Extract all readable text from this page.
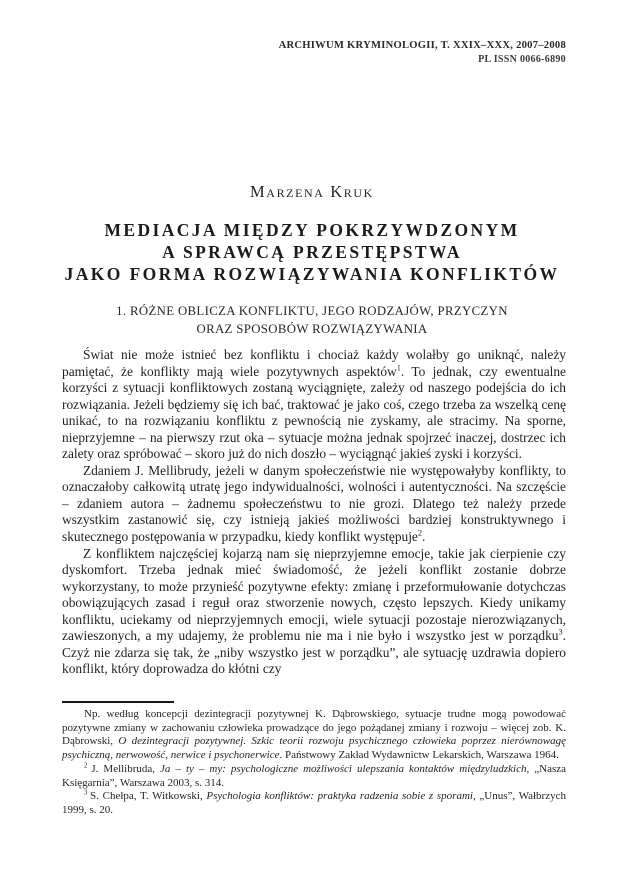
ARCHIWUM KRYMINOLOGII, T. XXIX–XXX, 2007–2008
PL ISSN 0066-6890
Marzena Kruk
MEDIACJA MIĘDZY POKRZYWDZONYM
A SPRAWCĄ PRZESTĘPSTWA
JAKO FORMA ROZWIĄZYWANIA KONFLIKTÓW
1. RÓŻNE OBLICZA KONFLIKTU, JEGO RODZAJÓW, PRZYCZYN
ORAZ SPOSOBÓW ROZWIĄZYWANIA

Świat nie może istnieć bez konfliktu i chociaż każdy wolałby go uniknąć, należy pamiętać, że konflikty mają wiele pozytywnych aspektów$^1$. To jednak, czy ewentualne korzyści z sytuacji konfliktowych zostaną wyciągnięte, zależy od naszego podejścia do ich rozwiązania. Jeżeli będziemy się ich bać, traktować je jako coś, czego trzeba za wszelką cenę unikać, to na rozwiązaniu konfliktu z pewnością nie zyskamy, ale stracimy. Na sporne, nieprzyjemne – na pierwszy rzut oka – sytuacje można jednak spojrzeć inaczej, dostrzec ich zalety oraz spróbować – skoro już do nich doszło – wyciągnąć jakieś zyski i korzyści.

Zdaniem J. Mellibrudy, jeżeli w danym społeczeństwie nie występowałyby konflikty, to oznaczałoby całkowitą utratę jego indywidualności, wolności i autentyczności. Na szczęście – zdaniem autora – żadnemu społeczeństwu to nie grozi. Dlatego też należy przede wszystkim zastanowić się, czy istnieją jakieś możliwości bardziej konstruktywnego i skutecznego postępowania w przypadku, kiedy konflikt występuje$^2$.

Z konfliktem najczęściej kojarzą nam się nieprzyjemne emocje, takie jak cierpienie czy dyskomfort. Trzeba jednak mieć świadomość, że jeżeli konflikt zostanie dobrze wykorzystany, to może przynieść pozytywne efekty: zmianę i przeformułowanie dotychczas obowiązujących zasad i reguł oraz stworzenie nowych, często lepszych. Kiedy unikamy konfliktu, uciekamy od nieprzyjemnych emocji, wiele sytuacji pozostaje nierozwiązanych, zawieszonych, a my udajemy, że problemu nie ma i nie było i wszystko jest w porządku$^3$. Czyż nie zdarza się tak, że „niby wszystko jest w porządku”, ale sytuację uzdrawia dopiero konflikt, który doprowadza do kłótni czy

Np. według koncepcji dezintegracji pozytywnej K. Dąbrowskiego, sytuacje trudne mogą powodować pozytywne zmiany w zachowaniu człowieka prowadzące do jego pożądanej zmiany i rozwoju – więcej zob. K. Dąbrowski, O dezintegracji pozytywnej. Szkic teorii rozwoju psychicznego człowieka poprzez nierównowagę psychiczną, nerwowość, nerwice i psychonerwice. Państwowy Zakład Wydawnictw Lekarskich, Warszawa 1964.

$^2$ J. Mellibruda, Ja – ty – my: psychologiczne możliwości ulepszania kontaktów międzyludzkich, „Nasza Księgarnia”, Warszawa 2003, s. 314.

$^3$ S. Chełpa, T. Witkowski, Psychologia konfliktów: praktyka radzenia sobie z sporami, „Unus”, Wałbrzych 1999, s. 20.
